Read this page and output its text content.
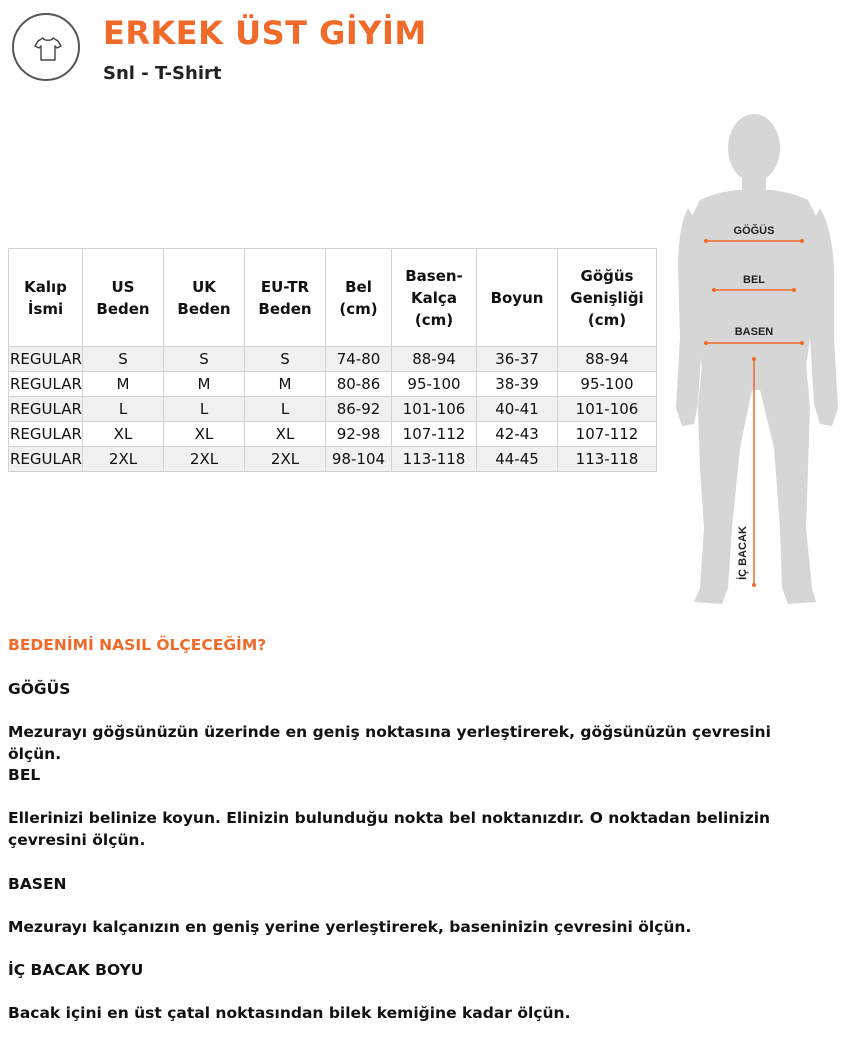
ERKEK ÜST GİYİM
Snl - T-Shirt
Kalıp İsmi	US Beden	UK Beden	EU-TR Beden	Bel (cm)	Basen-Kalça (cm)	Boyun	Göğüs Genişliği (cm)
REGULAR	S	S	S	74-80	88-94	36-37	88-94
REGULAR	M	M	M	80-86	95-100	38-39	95-100
REGULAR	L	L	L	86-92	101-106	40-41	101-106
REGULAR	XL	XL	XL	92-98	107-112	42-43	107-112
REGULAR	2XL	2XL	2XL	98-104	113-118	44-45	113-118
GÖĞÜS
BEL
BASEN
İÇ BACAK
BEDENİMİ NASIL ÖLÇECEĞİM?
GÖĞÜS
Mezurayı göğsünüzün üzerinde en geniş noktasına yerleştirerek, göğsünüzün çevresini ölçün.
BEL
Ellerinizi belinize koyun. Elinizin bulunduğu nokta bel noktanızdır. O noktadan belinizin çevresini ölçün.
BASEN
Mezurayı kalçanızın en geniş yerine yerleştirerek, baseninizin çevresini ölçün.
İÇ BACAK BOYU
Bacak içini en üst çatal noktasından bilek kemiğine kadar ölçün.
